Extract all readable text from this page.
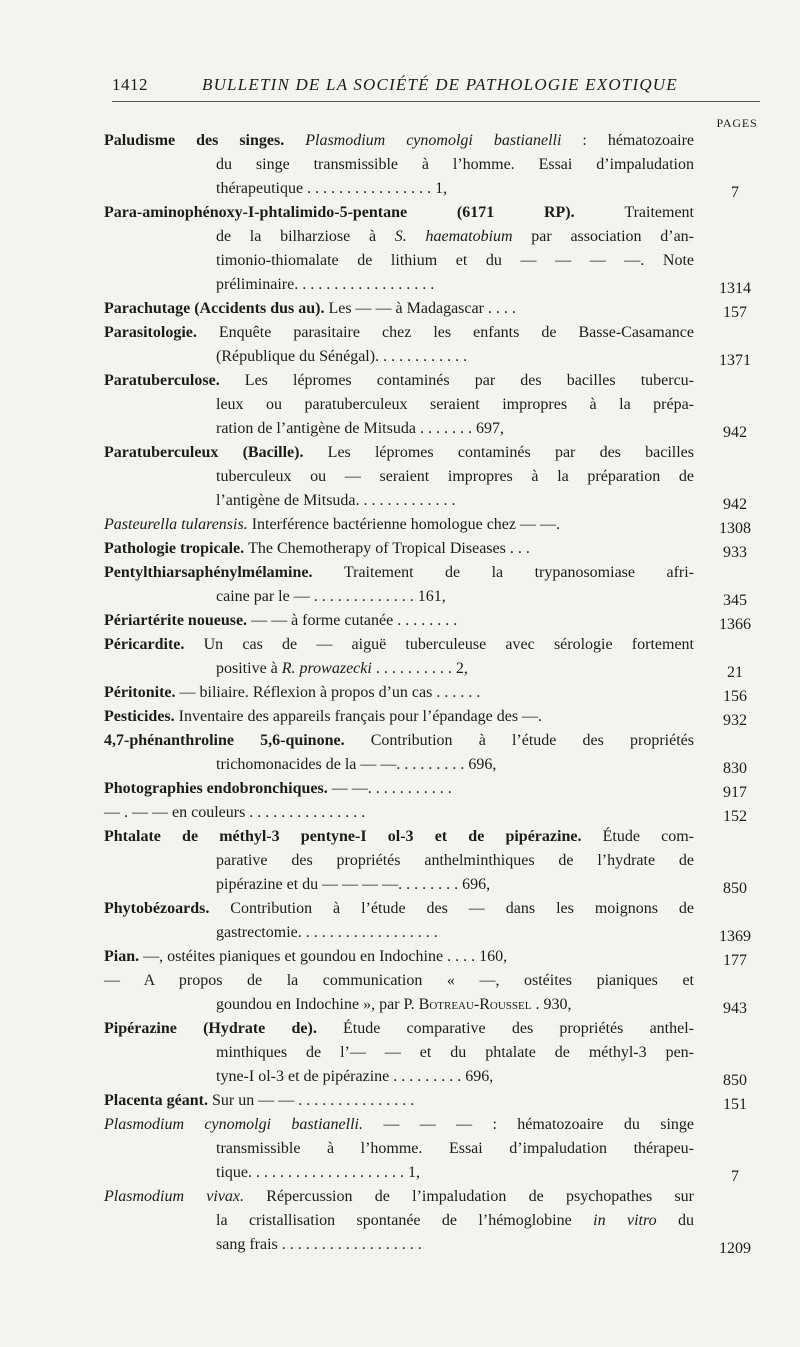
1412	BULLETIN DE LA SOCIÉTÉ DE PATHOLOGIE EXOTIQUE
PAGES
Paludisme des singes. Plasmodium cynomolgi bastianelli : hématozoaire
du singe transmissible à l’homme. Essai d’impaludation
thérapeutique . . . . . . . . . . . . . . . . 1,	7
Para-aminophénoxy-I-phtalimido-5-pentane (6171 RP). Traitement
de la bilharziose à S. haematobium par association d’an-
timonio-thiomalate de lithium et du — — — —. Note
préliminaire. . . . . . . . . . . . . . . . . .	1314
Parachutage (Accidents dus au). Les — — à Madagascar . . . .	157
Parasitologie. Enquête parasitaire chez les enfants de Basse-Casamance
(République du Sénégal). . . . . . . . . . . .	1371
Paratuberculose. Les lépromes contaminés par des bacilles tubercu-
leux ou paratuberculeux seraient impropres à la prépa-
ration de l’antigène de Mitsuda . . . . . . . 697,	942
Paratuberculeux (Bacille). Les lépromes contaminés par des bacilles
tuberculeux ou — seraient impropres à la préparation de
l’antigène de Mitsuda. . . . . . . . . . . . .	942
Pasteurella tularensis. Interférence bactérienne homologue chez — —.	1308
Pathologie tropicale. The Chemotherapy of Tropical Diseases . . .	933
Pentylthiarsaphénylmélamine. Traitement de la trypanosomiase afri-
caine par le — . . . . . . . . . . . . . 161,	345
Périartérite noueuse. — — à forme cutanée . . . . . . . .	1366
Péricardite. Un cas de — aiguë tuberculeuse avec sérologie fortement
positive à R. prowazecki . . . . . . . . . . 2,	21
Péritonite. — biliaire. Réflexion à propos d’un cas . . . . . .	156
Pesticides. Inventaire des appareils français pour l’épandage des —.	932
4,7-phénanthroline 5,6-quinone. Contribution à l’étude des propriétés
trichomonacides de la — —. . . . . . . . . 696,	830
Photographies endobronchiques. — —. . . . . . . . . . .	917
— . — — en couleurs . . . . . . . . . . . . . . .	152
Phtalate de méthyl-3 pentyne-I ol-3 et de pipérazine. Étude com-
parative des propriétés anthelminthiques de l’hydrate de
pipérazine et du — — — —. . . . . . . . 696,	850
Phytobézoards. Contribution à l’étude des — dans les moignons de
gastrectomie. . . . . . . . . . . . . . . . . .	1369
Pian. —, ostéites pianiques et goundou en Indochine . . . . 160,	177
— A propos de la communication « —, ostéites pianiques et
goundou en Indochine », par P. Botreau-Roussel . 930,	943
Pipérazine (Hydrate de). Étude comparative des propriétés anthel-
minthiques de l’— — et du phtalate de méthyl-3 pen-
tyne-I ol-3 et de pipérazine . . . . . . . . . 696,	850
Placenta géant. Sur un — — . . . . . . . . . . . . . . .	151
Plasmodium cynomolgi bastianelli. — — — : hématozoaire du singe
transmissible à l’homme. Essai d’impaludation thérapeu-
tique. . . . . . . . . . . . . . . . . . . . 1,	7
Plasmodium vivax. Répercussion de l’impaludation de psychopathes sur
la cristallisation spontanée de l’hémoglobine in vitro du
sang frais . . . . . . . . . . . . . . . . . .	1209
